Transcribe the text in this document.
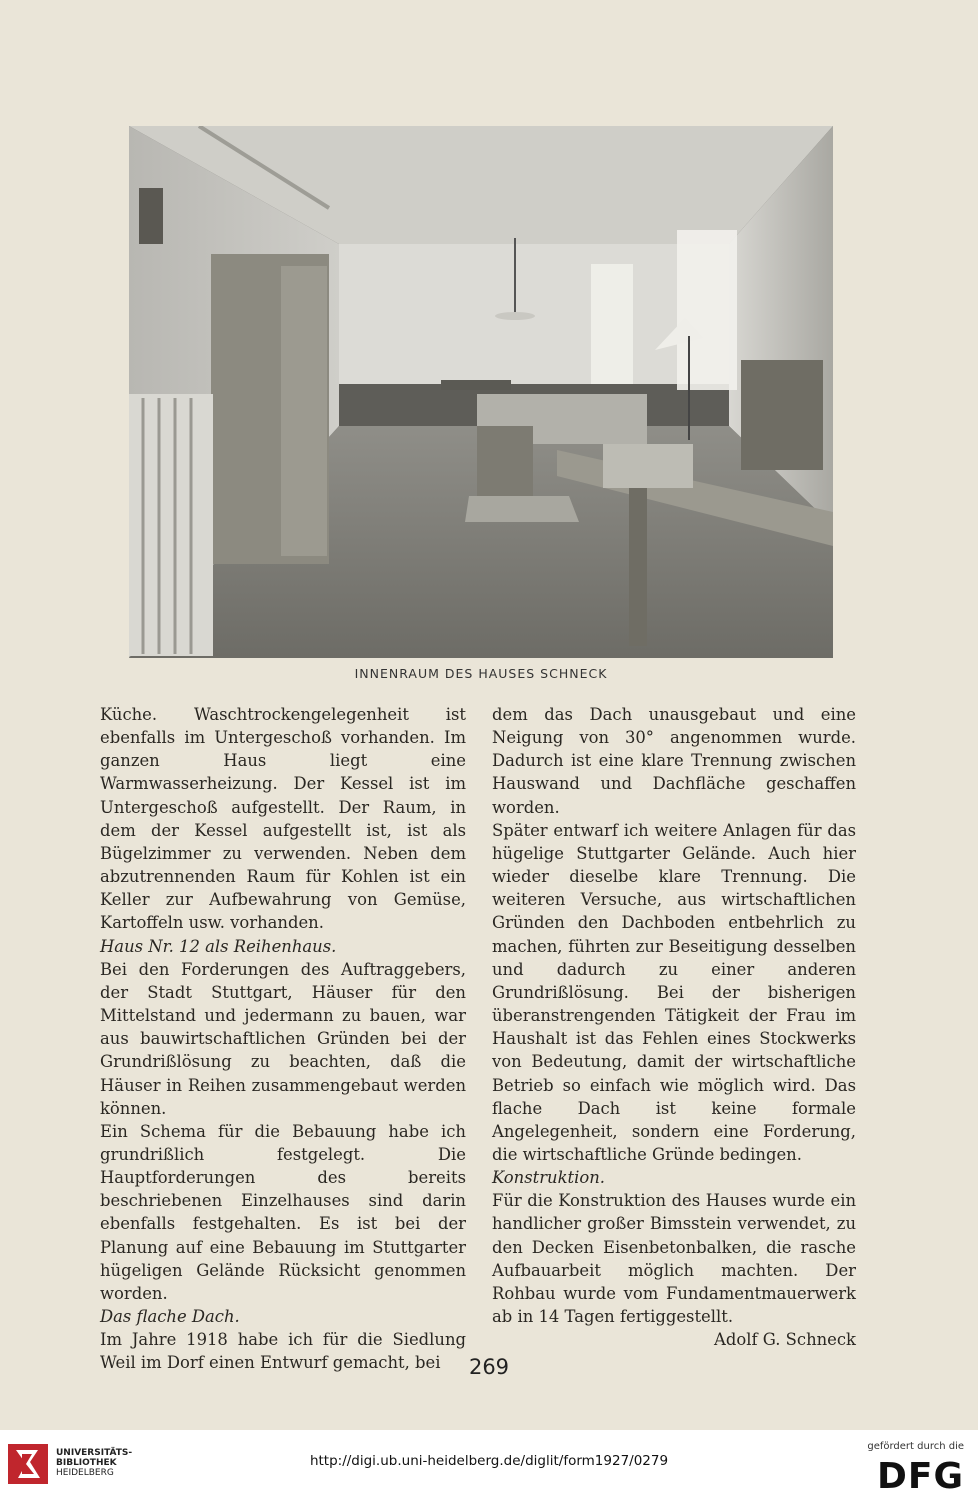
INNENRAUM DES HAUSES SCHNECK

Küche. Waschtrockengelegenheit ist ebenfalls im Untergeschoß vorhanden. Im ganzen Haus liegt eine Warmwasserheizung. Der Kessel ist im Untergeschoß aufgestellt. Der Raum, in dem der Kessel aufgestellt ist, ist als Bügelzimmer zu verwenden. Neben dem abzutrennenden Raum für Kohlen ist ein Keller zur Aufbewahrung von Gemüse, Kartoffeln usw. vorhanden.

Haus Nr. 12 als Reihenhaus.

Bei den Forderungen des Auftraggebers, der Stadt Stuttgart, Häuser für den Mittelstand und jedermann zu bauen, war aus bauwirtschaftlichen Gründen bei der Grundrißlösung zu beachten, daß die Häuser in Reihen zusammengebaut werden können.

Ein Schema für die Bebauung habe ich grundrißlich festgelegt. Die Hauptforderungen des bereits beschriebenen Einzelhauses sind darin ebenfalls festgehalten. Es ist bei der Planung auf eine Bebauung im Stuttgarter hügeligen Gelände Rücksicht genommen worden.

Das flache Dach.

Im Jahre 1918 habe ich für die Siedlung Weil im Dorf einen Entwurf gemacht, bei

dem das Dach unausgebaut und eine Neigung von 30° angenommen wurde. Dadurch ist eine klare Trennung zwischen Hauswand und Dachfläche geschaffen worden.

Später entwarf ich weitere Anlagen für das hügelige Stuttgarter Gelände. Auch hier wieder dieselbe klare Trennung. Die weiteren Versuche, aus wirtschaftlichen Gründen den Dachboden entbehrlich zu machen, führten zur Beseitigung desselben und dadurch zu einer anderen Grundrißlösung. Bei der bisherigen überanstrengenden Tätigkeit der Frau im Haushalt ist das Fehlen eines Stockwerks von Bedeutung, damit der wirtschaftliche Betrieb so einfach wie möglich wird. Das flache Dach ist keine formale Angelegenheit, sondern eine Forderung, die wirtschaftliche Gründe bedingen.

Konstruktion.

Für die Konstruktion des Hauses wurde ein handlicher großer Bimsstein verwendet, zu den Decken Eisenbetonbalken, die rasche Aufbauarbeit möglich machten. Der Rohbau wurde vom Fundamentmauerwerk ab in 14 Tagen fertiggestellt.

Adolf G. Schneck

269
UNIVERSITÄTS-
BIBLIOTHEK
HEIDELBERG
http://digi.ub.uni-heidelberg.de/diglit/form1927/0279
gefördert durch die
DFG
